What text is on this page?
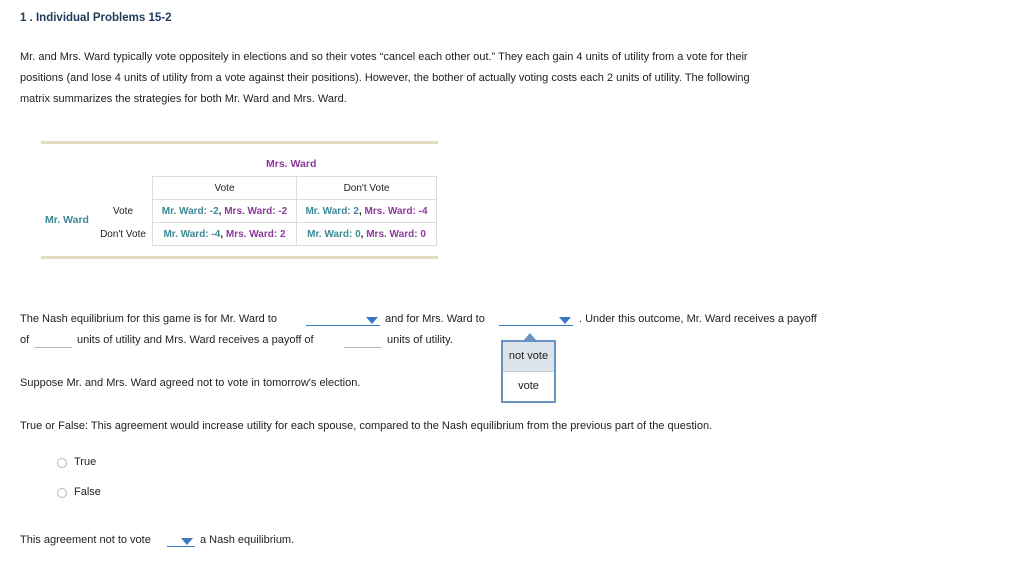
1 . Individual Problems 15-2
Mr. and Mrs. Ward typically vote oppositely in elections and so their votes “cancel each other out.” They each gain 4 units of utility from a vote for their
positions (and lose 4 units of utility from a vote against their positions). However, the bother of actually voting costs each 2 units of utility. The following
matrix summarizes the strategies for both Mr. Ward and Mrs. Ward.
Mrs. Ward
Mr. Ward
	Vote	Don't Vote
Vote	Mr. Ward: -2, Mrs. Ward: -2	Mr. Ward: 2, Mrs. Ward: -4
Don't Vote	Mr. Ward: -4, Mrs. Ward: 2	Mr. Ward: 0, Mrs. Ward: 0
The Nash equilibrium for this game is for Mr. Ward to	and for Mrs. Ward to	. Under this outcome, Mr. Ward receives a payoff
of	units of utility and Mrs. Ward receives a payoff of	units of utility.
not vote
vote
Suppose Mr. and Mrs. Ward agreed not to vote in tomorrow's election.
True or False: This agreement would increase utility for each spouse, compared to the Nash equilibrium from the previous part of the question.
True
False
This agreement not to vote	a Nash equilibrium.
